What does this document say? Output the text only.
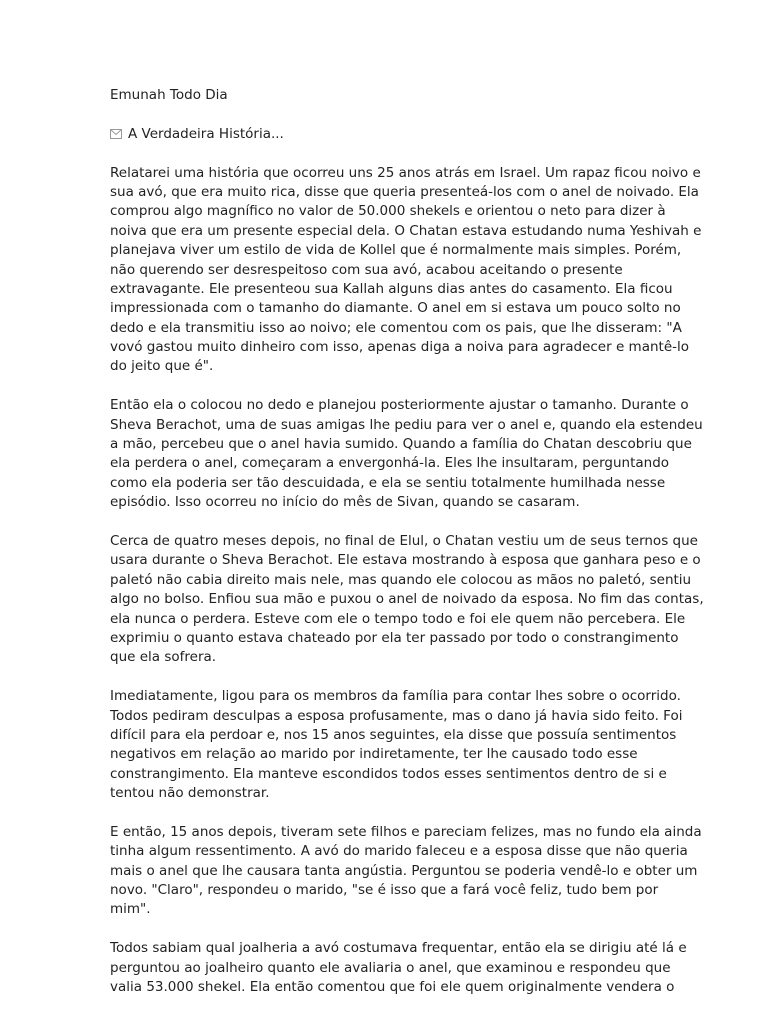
Emunah Todo Dia
A Verdadeira História...
Relatarei uma história que ocorreu uns 25 anos atrás em Israel. Um rapaz ficou noivo e
sua avó, que era muito rica, disse que queria presenteá-los com o anel de noivado. Ela
comprou algo magnífico no valor de 50.000 shekels e orientou o neto para dizer à
noiva que era um presente especial dela. O Chatan estava estudando numa Yeshivah e
planejava viver um estilo de vida de Kollel que é normalmente mais simples. Porém,
não querendo ser desrespeitoso com sua avó, acabou aceitando o presente
extravagante. Ele presenteou sua Kallah alguns dias antes do casamento. Ela ficou
impressionada com o tamanho do diamante. O anel em si estava um pouco solto no
dedo e ela transmitiu isso ao noivo; ele comentou com os pais, que lhe disseram: "A
vovó gastou muito dinheiro com isso, apenas diga a noiva para agradecer e mantê-lo
do jeito que é".
Então ela o colocou no dedo e planejou posteriormente ajustar o tamanho. Durante o
Sheva Berachot, uma de suas amigas lhe pediu para ver o anel e, quando ela estendeu
a mão, percebeu que o anel havia sumido. Quando a família do Chatan descobriu que
ela perdera o anel, começaram a envergonhá-la. Eles lhe insultaram, perguntando
como ela poderia ser tão descuidada, e ela se sentiu totalmente humilhada nesse
episódio. Isso ocorreu no início do mês de Sivan, quando se casaram.
Cerca de quatro meses depois, no final de Elul, o Chatan vestiu um de seus ternos que
usara durante o Sheva Berachot. Ele estava mostrando à esposa que ganhara peso e o
paletó não cabia direito mais nele, mas quando ele colocou as mãos no paletó, sentiu
algo no bolso. Enfiou sua mão e puxou o anel de noivado da esposa. No fim das contas,
ela nunca o perdera. Esteve com ele o tempo todo e foi ele quem não percebera. Ele
exprimiu o quanto estava chateado por ela ter passado por todo o constrangimento
que ela sofrera.
Imediatamente, ligou para os membros da família para contar lhes sobre o ocorrido.
Todos pediram desculpas a esposa profusamente, mas o dano já havia sido feito. Foi
difícil para ela perdoar e, nos 15 anos seguintes, ela disse que possuía sentimentos
negativos em relação ao marido por indiretamente, ter lhe causado todo esse
constrangimento. Ela manteve escondidos todos esses sentimentos dentro de si e
tentou não demonstrar.
E então, 15 anos depois, tiveram sete filhos e pareciam felizes, mas no fundo ela ainda
tinha algum ressentimento. A avó do marido faleceu e a esposa disse que não queria
mais o anel que lhe causara tanta angústia. Perguntou se poderia vendê-lo e obter um
novo. "Claro", respondeu o marido, "se é isso que a fará você feliz, tudo bem por
mim".
Todos sabiam qual joalheria a avó costumava frequentar, então ela se dirigiu até lá e
perguntou ao joalheiro quanto ele avaliaria o anel, que examinou e respondeu que
valia 53.000 shekel. Ela então comentou que foi ele quem originalmente vendera o
